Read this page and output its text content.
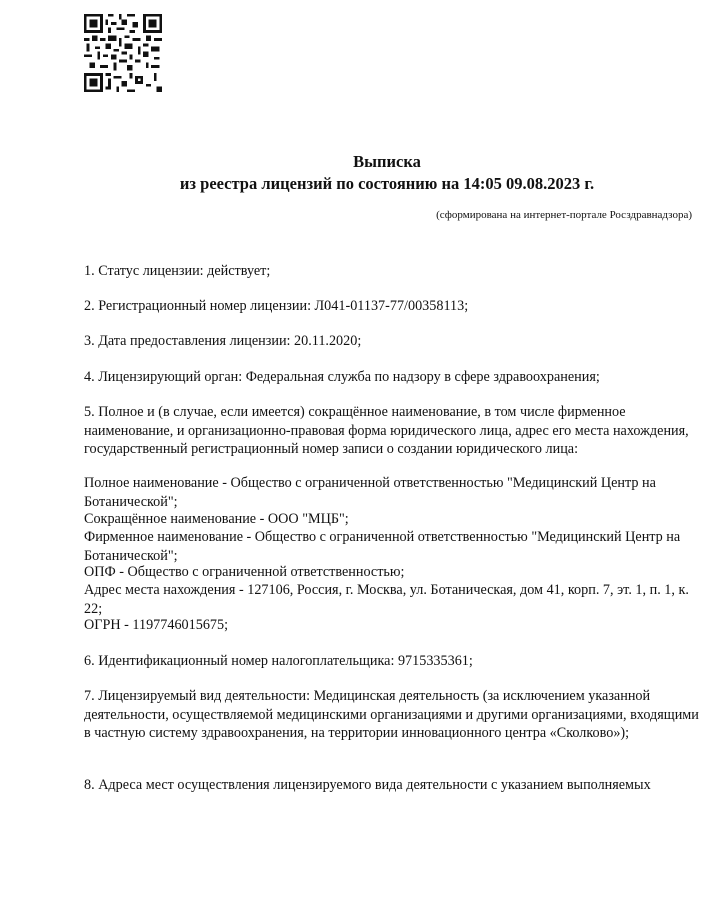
Выписка
из реестра лицензий по состоянию на 14:05 09.08.2023 г.
(сформирована на интернет-портале Росздравнадзора)
1. Статус лицензии: действует;
2. Регистрационный номер лицензии: Л041-01137-77/00358113;
3. Дата предоставления лицензии: 20.11.2020;
4. Лицензирующий орган: Федеральная служба по надзору в сфере здравоохранения;
5. Полное и (в случае, если имеется) сокращённое наименование, в том числе фирменное наименование, и организационно-правовая форма юридического лица, адрес его места нахождения, государственный регистрационный номер записи о создании юридического лица:
Полное наименование - Общество с ограниченной ответственностью "Медицинский Центр на Ботанической";
Сокращённое наименование - ООО "МЦБ";
Фирменное наименование - Общество с ограниченной ответственностью "Медицинский Центр на Ботанической";
ОПФ - Общество с ограниченной ответственностью;
Адрес места нахождения - 127106, Россия, г. Москва, ул. Ботаническая, дом 41, корп. 7, эт. 1, п. 1, к. 22;
ОГРН - 1197746015675;
6. Идентификационный номер налогоплательщика: 9715335361;
7. Лицензируемый вид деятельности: Медицинская деятельность (за исключением указанной деятельности, осуществляемой медицинскими организациями и другими организациями, входящими в частную систему здравоохранения, на территории инновационного центра «Сколково»);
8. Адреса мест осуществления лицензируемого вида деятельности с указанием выполняемых
